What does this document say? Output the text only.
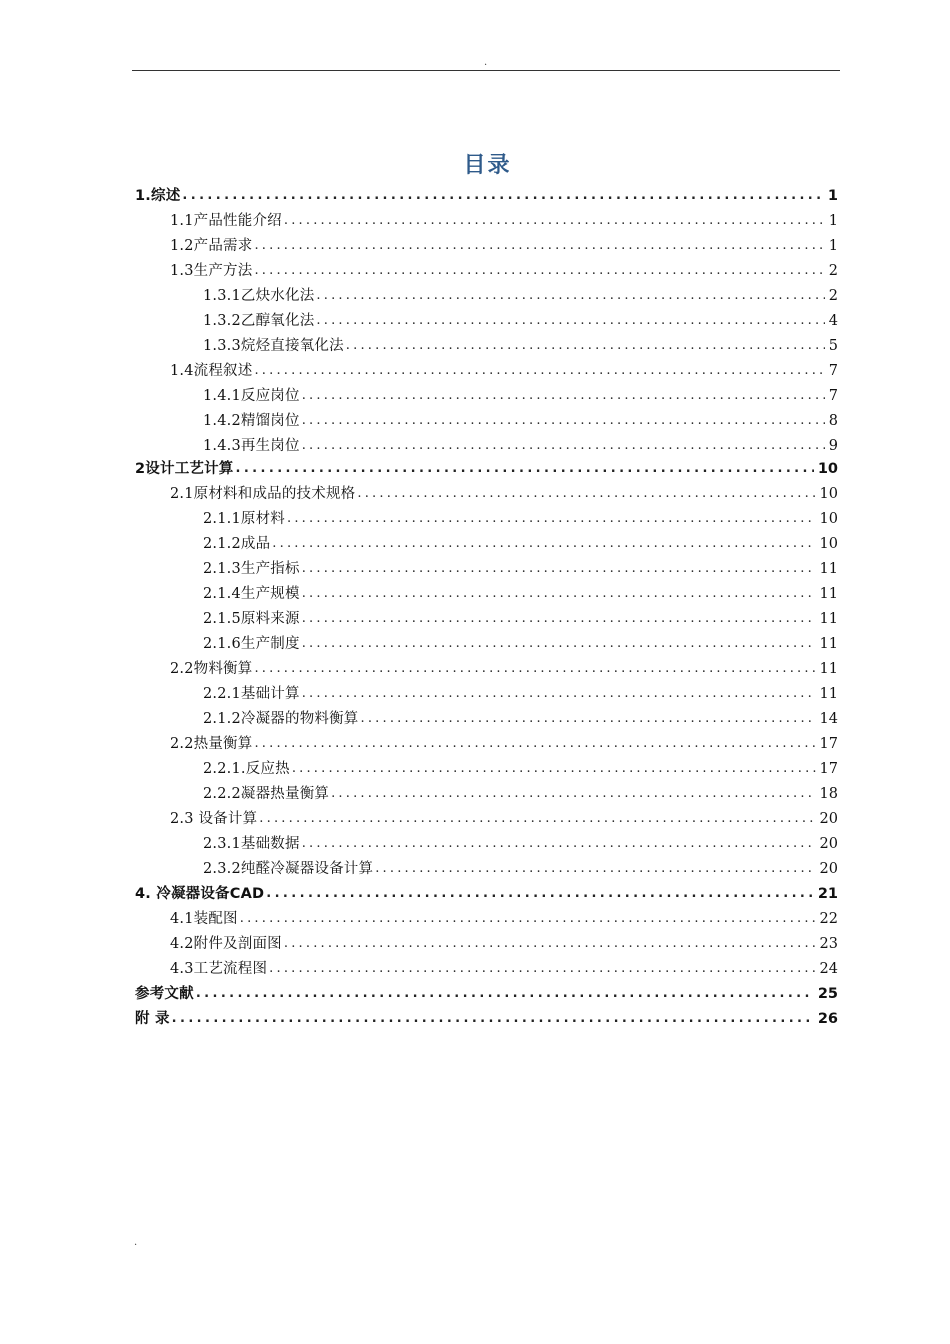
.
目录
1.综述 .....	1
1.1产品性能介绍 .....	1
1.2产品需求 .....	1
1.3生产方法 .....	2
1.3.1乙炔水化法 .....	2
1.3.2乙醇氧化法 .....	4
1.3.3烷烃直接氧化法 .....	5
1.4流程叙述 .....	7
1.4.1反应岗位 .....	7
1.4.2精馏岗位 .....	8
1.4.3再生岗位 .....	9
2设计工艺计算 .....	10
2.1原材料和成品的技术规格 .....	10
2.1.1原材料 .....	10
2.1.2成品 .....	10
2.1.3生产指标 .....	11
2.1.4生产规模 .....	11
2.1.5原料来源 .....	11
2.1.6生产制度 .....	11
2.2物料衡算 .....	11
2.2.1基础计算 .....	11
2.1.2冷凝器的物料衡算 .....	14
2.2热量衡算 .....	17
2.2.1.反应热 .....	17
2.2.2凝器热量衡算 .....	18
2.3 设备计算 .....	20
2.3.1基础数据 .....	20
2.3.2纯醛冷凝器设备计算 .....	20
4. 冷凝器设备CAD .....	21
4.1装配图 .....	22
4.2附件及剖面图 .....	23
4.3工艺流程图 .....	24
参考文献 .....	25
附 录 .....	26
.
